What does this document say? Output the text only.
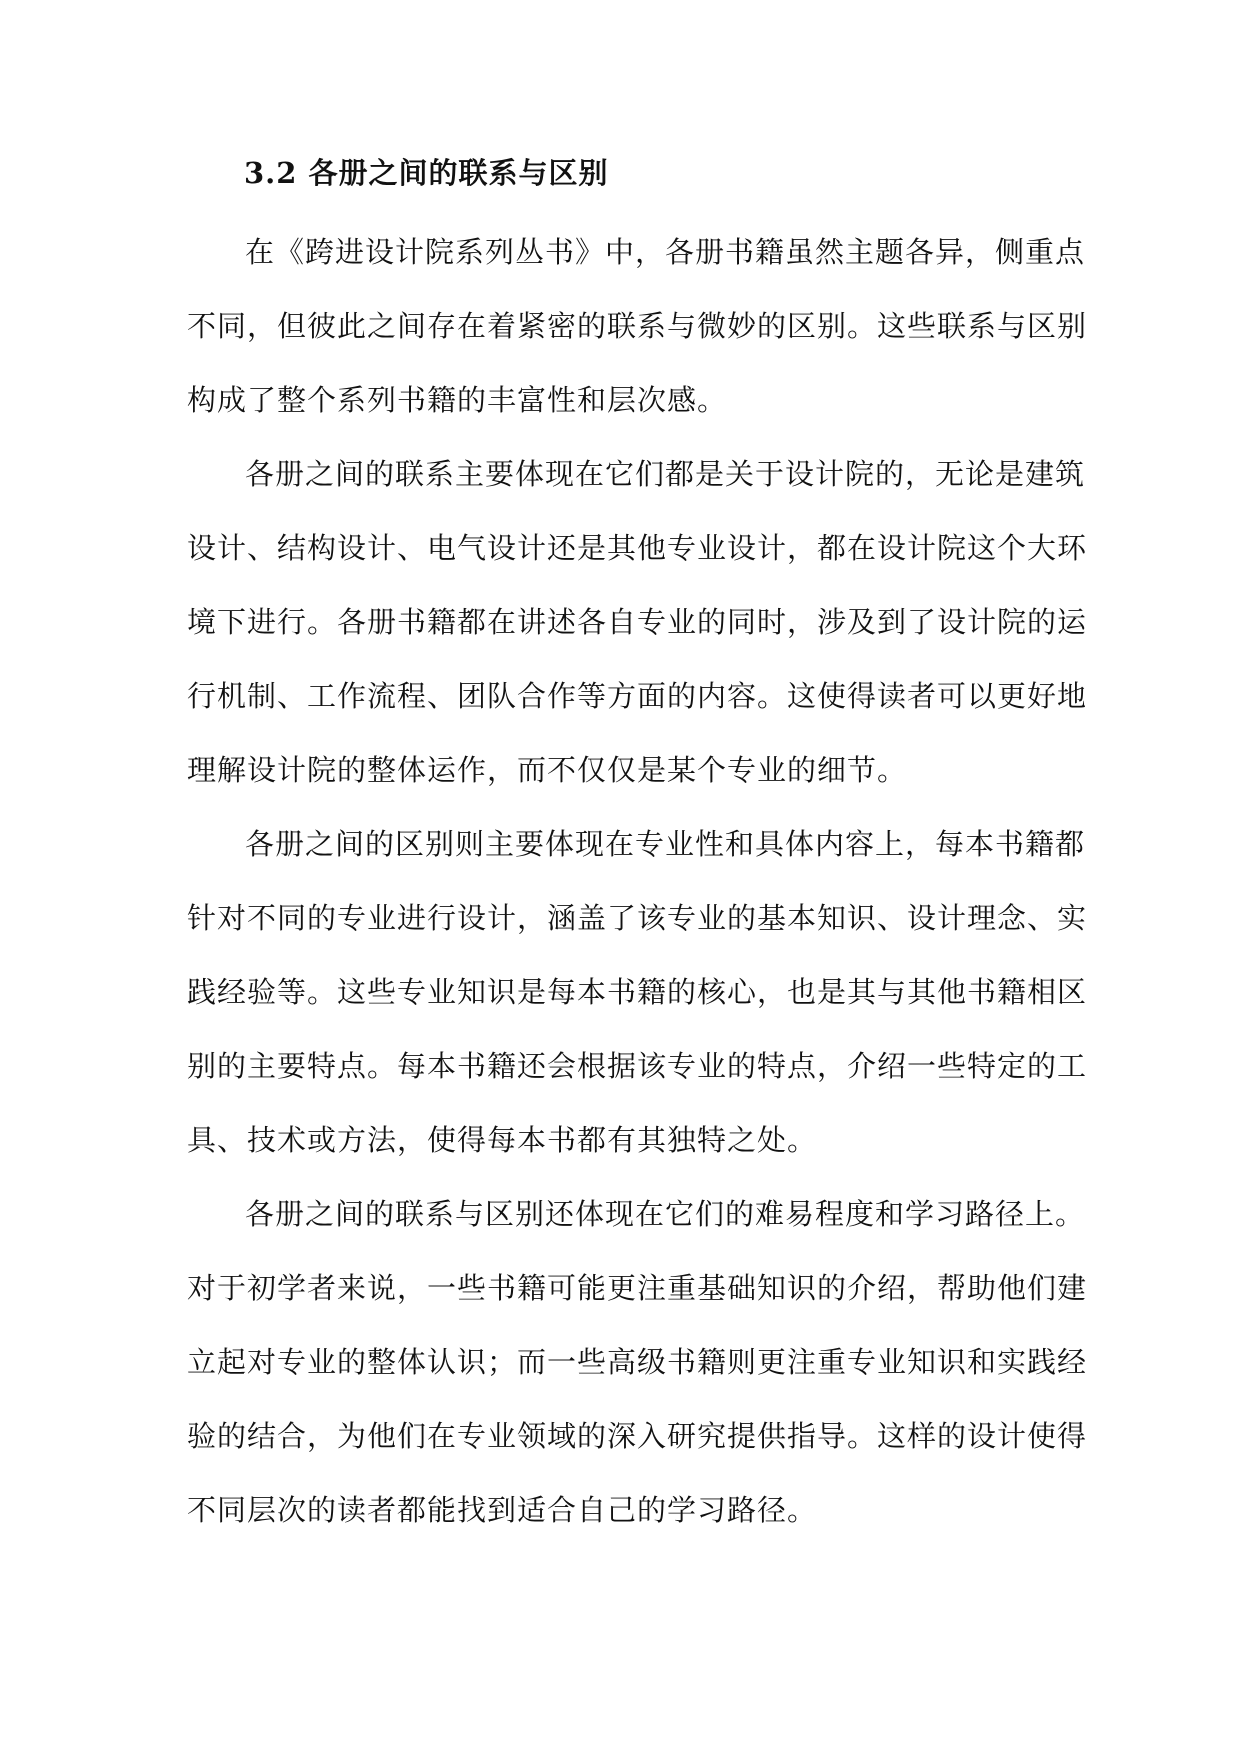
3.2 各册之间的联系与区别
在《跨进设计院系列丛书》中，各册书籍虽然主题各异，侧重点
不同，但彼此之间存在着紧密的联系与微妙的区别。这些联系与区别
构成了整个系列书籍的丰富性和层次感。
各册之间的联系主要体现在它们都是关于设计院的，无论是建筑
设计、结构设计、电气设计还是其他专业设计，都在设计院这个大环
境下进行。各册书籍都在讲述各自专业的同时，涉及到了设计院的运
行机制、工作流程、团队合作等方面的内容。这使得读者可以更好地
理解设计院的整体运作，而不仅仅是某个专业的细节。
各册之间的区别则主要体现在专业性和具体内容上，每本书籍都
针对不同的专业进行设计，涵盖了该专业的基本知识、设计理念、实
践经验等。这些专业知识是每本书籍的核心，也是其与其他书籍相区
别的主要特点。每本书籍还会根据该专业的特点，介绍一些特定的工
具、技术或方法，使得每本书都有其独特之处。
各册之间的联系与区别还体现在它们的难易程度和学习路径上。
对于初学者来说，一些书籍可能更注重基础知识的介绍，帮助他们建
立起对专业的整体认识；而一些高级书籍则更注重专业知识和实践经
验的结合，为他们在专业领域的深入研究提供指导。这样的设计使得
不同层次的读者都能找到适合自己的学习路径。
